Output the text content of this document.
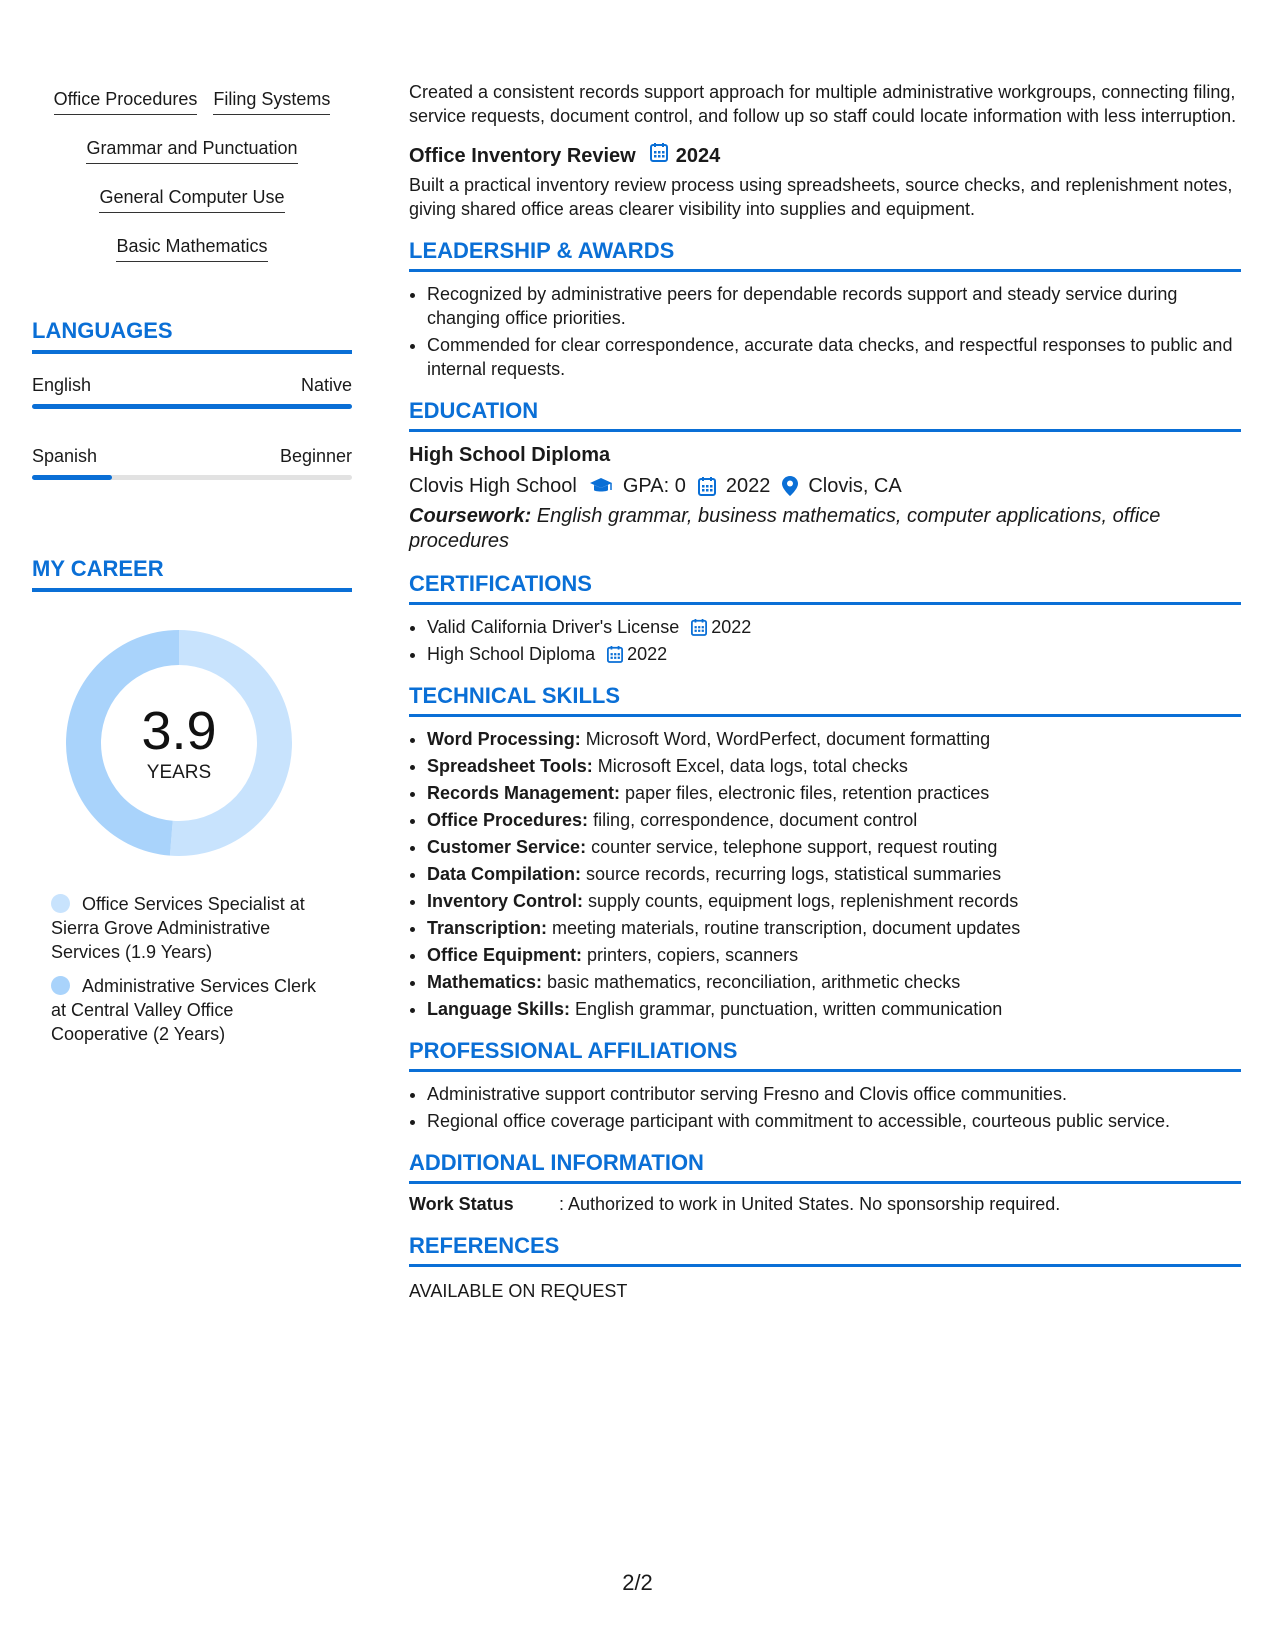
Office Procedures Filing Systems
Grammar and Punctuation
General Computer Use
Basic Mathematics
LANGUAGES
English	Native
Spanish	Beginner
MY CAREER
3.9
YEARS
Office Services Specialist at Sierra Grove Administrative Services (1.9 Years)
Administrative Services Clerk at Central Valley Office Cooperative (2 Years)
Created a consistent records support approach for multiple administrative workgroups, connecting filing, service requests, document control, and follow up so staff could locate information with less interruption.
Office Inventory Review 2024
Built a practical inventory review process using spreadsheets, source checks, and replenishment notes, giving shared office areas clearer visibility into supplies and equipment.
LEADERSHIP & AWARDS
• Recognized by administrative peers for dependable records support and steady service during changing office priorities.
• Commended for clear correspondence, accurate data checks, and respectful responses to public and internal requests.
EDUCATION
High School Diploma
Clovis High School GPA: 0 2022 Clovis, CA
Coursework: English grammar, business mathematics, computer applications, office procedures
CERTIFICATIONS
• Valid California Driver's License 2022
• High School Diploma 2022
TECHNICAL SKILLS
• Word Processing: Microsoft Word, WordPerfect, document formatting
• Spreadsheet Tools: Microsoft Excel, data logs, total checks
• Records Management: paper files, electronic files, retention practices
• Office Procedures: filing, correspondence, document control
• Customer Service: counter service, telephone support, request routing
• Data Compilation: source records, recurring logs, statistical summaries
• Inventory Control: supply counts, equipment logs, replenishment records
• Transcription: meeting materials, routine transcription, document updates
• Office Equipment: printers, copiers, scanners
• Mathematics: basic mathematics, reconciliation, arithmetic checks
• Language Skills: English grammar, punctuation, written communication
PROFESSIONAL AFFILIATIONS
• Administrative support contributor serving Fresno and Clovis office communities.
• Regional office coverage participant with commitment to accessible, courteous public service.
ADDITIONAL INFORMATION
Work Status	: Authorized to work in United States. No sponsorship required.
REFERENCES
AVAILABLE ON REQUEST
2/2
